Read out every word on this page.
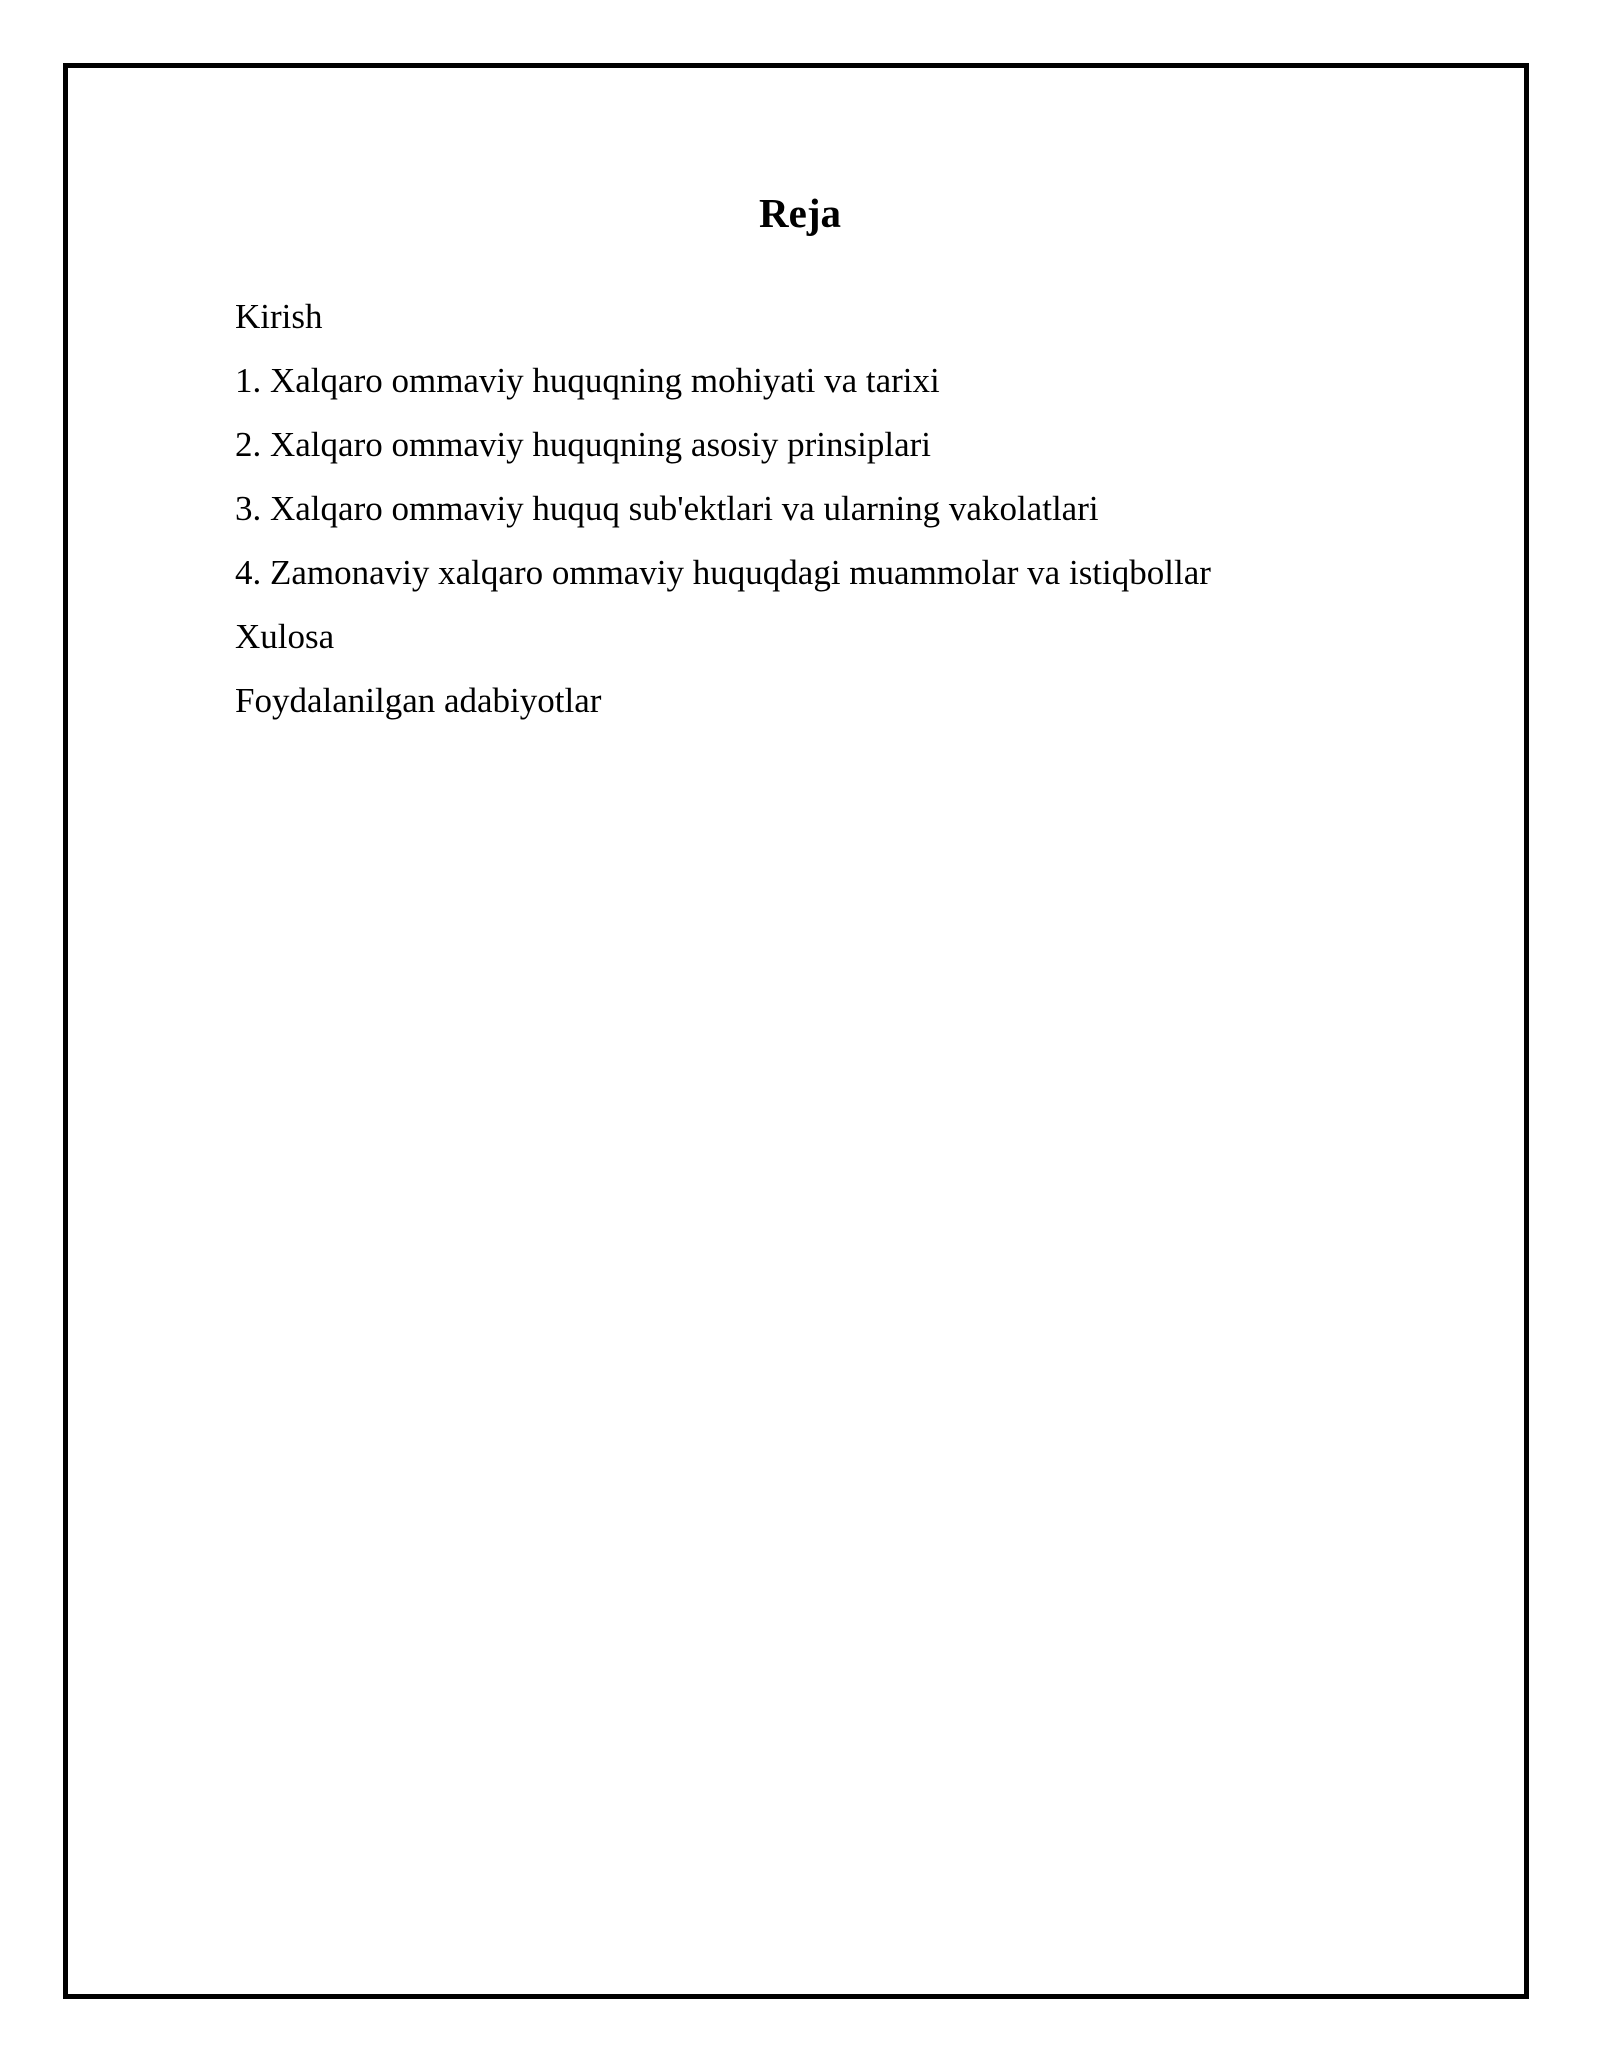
Reja
Kirish
1. Xalqaro ommaviy huquqning mohiyati va tarixi
2. Xalqaro ommaviy huquqning asosiy prinsiplari
3. Xalqaro ommaviy huquq sub'ektlari va ularning vakolatlari
4. Zamonaviy xalqaro ommaviy huquqdagi muammolar va istiqbollar
Xulosa
Foydalanilgan adabiyotlar
